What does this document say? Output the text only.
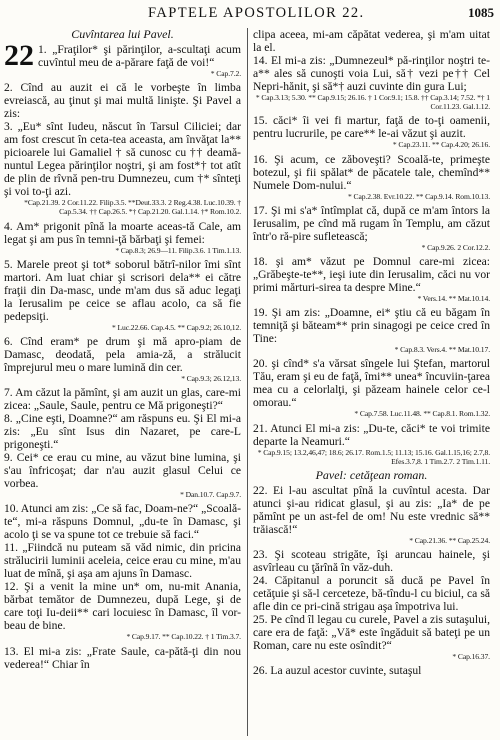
FAPTELE APOSTOLILOR 22.	1085
Cuvîntarea lui Pavel.
22 1. „Fraţilor* şi părinţilor, a-scultaţi acum cuvîntul meu de a-părare faţă de voi!“

* Cap.7.2.

2. Cînd au auzit ei că le vorbeşte în limba evreiască, au ţinut şi mai multă linişte. Şi Pavel a zis:

3. „Eu* sînt Iudeu, născut în Tarsul Ciliciei; dar am fost crescut în ceta-tea aceasta, am învăţat la** picioarele lui Gamaliel † să cunosc cu †† deamă-nuntul Legea părinţilor noştri, şi am fost*† tot atît de plin de rîvnă pen-tru Dumnezeu, cum †* sînteţi şi voi to-ţi azi.

*Cap.21.39. 2 Cor.11.22. Filip.3.5. **Deut.33.3. 2 Reg.4.38. Luc.10.39. † Cap.5.34. †† Cap.26.5. *† Cap.21.20. Gal.1.14. †* Rom.10.2.

4. Am* prigonit pînă la moarte aceas-tă Cale, am legat şi am pus în temni-ţă bărbaţi şi femei:

* Cap.8.3; 26.9—11. Filip.3.6. 1 Tim.1.13.

5. Marele preot şi tot* soborul bătrî-nilor îmi sînt martori. Am luat chiar şi scrisori dela** ei către fraţii din Da-masc, unde m'am dus să aduc legaţi la Ierusalim pe ceice se aflau acolo, ca să fie pedepsiţi.

* Luc.22.66. Cap.4.5. ** Cap.9.2; 26.10,12.

6. Cînd eram* pe drum şi mă apro-piam de Damasc, deodată, pela amia-ză, a strălucit împrejurul meu o mare lumină din cer.

* Cap.9.3; 26.12,13.

7. Am căzut la pămînt, şi am auzit un glas, care-mi zicea: „Saule, Saule, pentru ce Mă prigoneşti?“

8. „Cine eşti, Doamne?“ am răspuns eu. Şi El mi-a zis: „Eu sînt Isus din Nazaret, pe care-L prigoneşti.“

9. Cei* ce erau cu mine, au văzut bine lumina, şi s'au înfricoşat; dar n'au auzit glasul Celui ce vorbea.

* Dan.10.7. Cap.9.7.

10. Atunci am zis: „Ce să fac, Doam-ne?“ „Scoală-te“, mi-a răspuns Domnul, „du-te în Damasc, şi acolo ţi se va spune tot ce trebuie să faci.“

11. „Fiindcă nu puteam să văd nimic, din pricina strălucirii luminii aceleia, ceice erau cu mine, m'au luat de mînă, şi aşa am ajuns în Damasc.

12. Şi a venit la mine un* om, nu-mit Anania, bărbat temător de Dumnezeu, după Lege, şi de care toţi Iu-deii** cari locuiesc în Damasc, îl vor-beau de bine.

* Cap.9.17. ** Cap.10.22. † 1 Tim.3.7.

13. El mi-a zis: „Frate Saule, ca-pătă-ţi din nou vederea!“ Chiar în

clipa aceea, mi-am căpătat vederea, şi m'am uitat la el.

14. El mi-a zis: „Dumnezeul* pă-rinţilor noştri te-a** ales să cunoşti voia Lui, să† vezi pe†† Cel Nepri-hănit, şi să*† auzi cuvinte din gura Lui;

* Cap.3.13; 5.30. ** Cap.9.15; 26.16. † 1 Cor.9.1; 15.8. †† Cap.3.14; 7.52. *† 1 Cor.11.23. Gal.1.12.

15. căci* îi vei fi martur, faţă de to-ţi oamenii, pentru lucrurile, pe care** le-ai văzut şi auzit.

* Cap.23.11. ** Cap.4.20; 26.16.

16. Şi acum, ce zăboveşti? Scoală-te, primeşte botezul, şi fii spălat* de păcatele tale, chemînd** Numele Dom-nului.“

* Cap.2.38. Evr.10.22. ** Cap.9.14. Rom.10.13.

17. Şi mi s'a* întîmplat că, după ce m'am întors la Ierusalim, pe cînd mă rugam în Templu, am căzut într'o ră-pire sufletească;

* Cap.9.26. 2 Cor.12.2.

18. şi am* văzut pe Domnul care-mi zicea: „Grăbeşte-te**, ieşi iute din Ierusalim, căci nu vor primi mărturi-sirea ta despre Mine.“

* Vers.14. ** Mat.10.14.

19. Şi am zis: „Doamne, ei* ştiu că eu băgam în temniţă şi băteam** prin sinagogi pe ceice cred în Tine:

* Cap.8.3. Vers.4. ** Mat.10.17.

20. şi cînd* s'a vărsat sîngele lui Ştefan, martorul Tău, eram şi eu de faţă, îmi** unea* încuviin-ţarea mea cu a celorlalţi, şi păzeam hainele celor ce-l omorau.“

* Cap.7.58. Luc.11.48. ** Cap.8.1. Rom.1.32.

21. Atunci El mi-a zis: „Du-te, căci* te voi trimite departe la Neamuri.“

* Cap.9.15; 13.2,46,47; 18.6; 26.17. Rom.1.5; 11.13; 15.16. Gal.1.15,16; 2.7,8. Efes.3.7,8. 1 Tim.2.7. 2 Tim.1.11.

Pavel: cetăţean roman.

22. Ei l-au ascultat pînă la cuvîntul acesta. Dar atunci şi-au ridicat glasul, şi au zis: „Ia* de pe pămînt pe un ast-fel de om! Nu este vrednic să** trăiască!“

* Cap.21.36. ** Cap.25.24.

23. Şi scoteau strigăte, îşi aruncau hainele, şi asvîrleau cu ţărînă în văz-duh.

24. Căpitanul a poruncit să ducă pe Pavel în cetăţuie şi să-l cerceteze, bă-tîndu-l cu biciul, ca să afle din ce pri-cină strigau aşa împotriva lui.

25. Pe cînd îl legau cu curele, Pavel a zis sutaşului, care era de faţă: „Vă* este îngăduit să bateţi pe un Roman, care nu este osîndit?“

* Cap.16.37.

26. La auzul acestor cuvinte, sutaşul
